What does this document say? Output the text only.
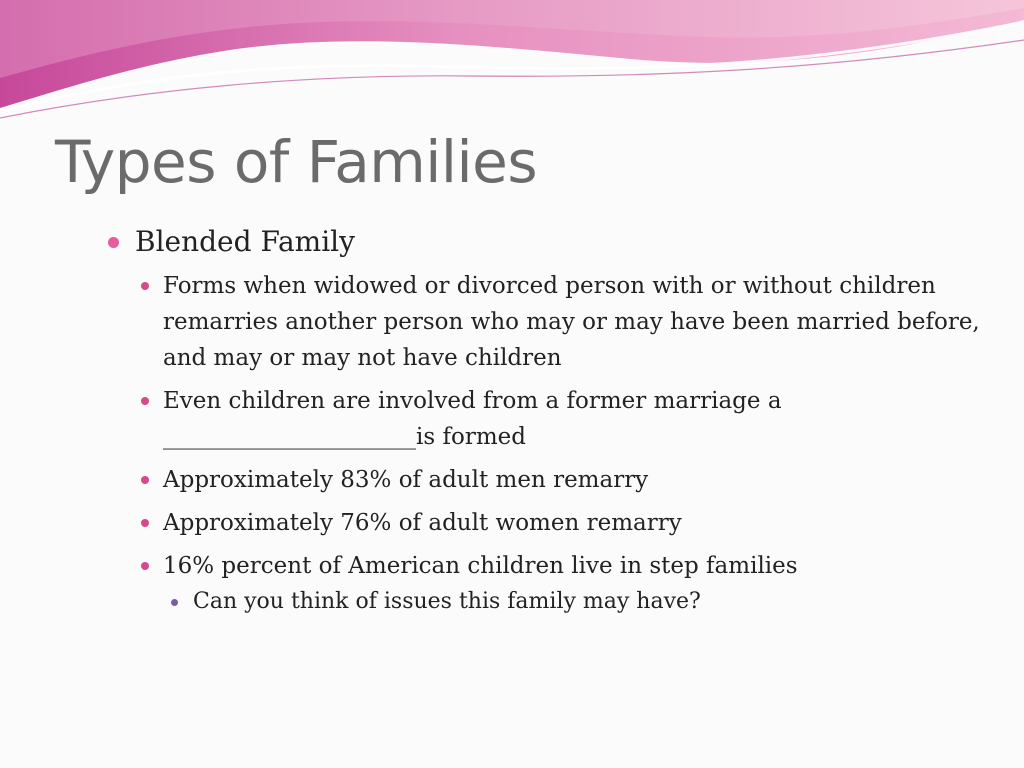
Types of Families
Blended Family
Forms when widowed or divorced person with or without children remarries another person who may or may have been married before, and may or may not have children
Even children are involved from a former marriage a ______________________is formed
Approximately 83% of adult men remarry
Approximately 76% of adult women remarry
16% percent of American children live in step families
Can you think of issues this family may have?
